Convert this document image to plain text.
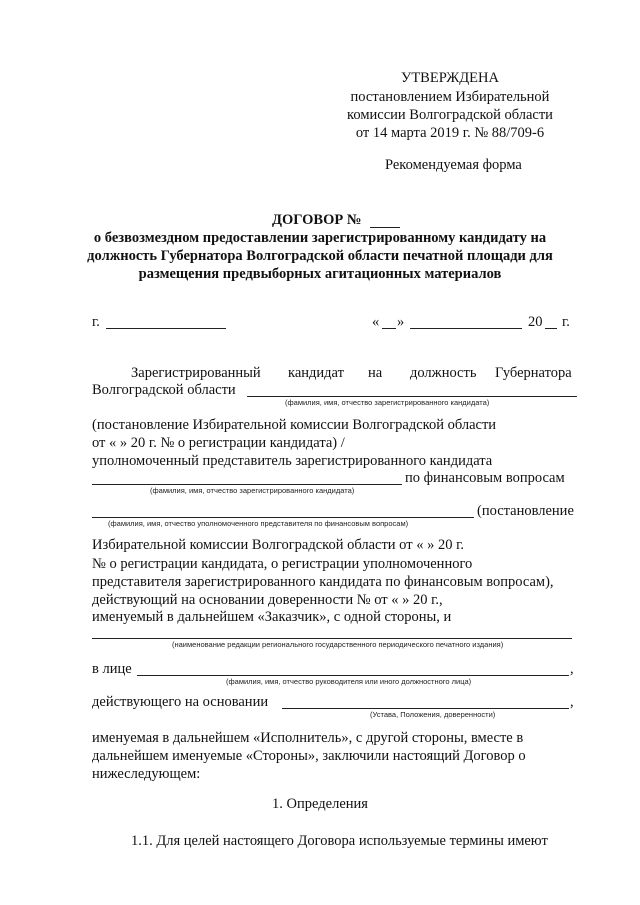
УТВЕРЖДЕНА
постановлением Избирательной
комиссии Волгоградской области
от 14 марта 2019 г. № 88/709-6
Рекомендуемая форма
ДОГОВОР №
о безвозмездном предоставлении зарегистрированному кандидату на
должность Губернатора Волгоградской области печатной площади для
размещения предвыборных агитационных материалов
г.	« »	20 г.
Зарегистрированный кандидат на должность Губернатора
Волгоградской области
(фамилия, имя, отчество зарегистрированного кандидата)
(постановление Избирательной комиссии Волгоградской области
от « » 20 г. № о регистрации кандидата) /
уполномоченный представитель зарегистрированного кандидата
по финансовым вопросам
(фамилия, имя, отчество зарегистрированного кандидата)
(постановление
(фамилия, имя, отчество уполномоченного представителя по финансовым вопросам)
Избирательной комиссии Волгоградской области от « » 20 г.
№ о регистрации кандидата, о регистрации уполномоченного
представителя зарегистрированного кандидата по финансовым вопросам),
действующий на основании доверенности № от « » 20 г.,
именуемый в дальнейшем «Заказчик», с одной стороны, и
(наименование редакции регионального государственного периодического печатного издания)
в лице	,
(фамилия, имя, отчество руководителя или иного должностного лица)
действующего на основании	,
(Устава, Положения, доверенности)
именуемая в дальнейшем «Исполнитель», с другой стороны, вместе в
дальнейшем именуемые «Стороны», заключили настоящий Договор о
нижеследующем:
1. Определения
1.1. Для целей настоящего Договора используемые термины имеют
